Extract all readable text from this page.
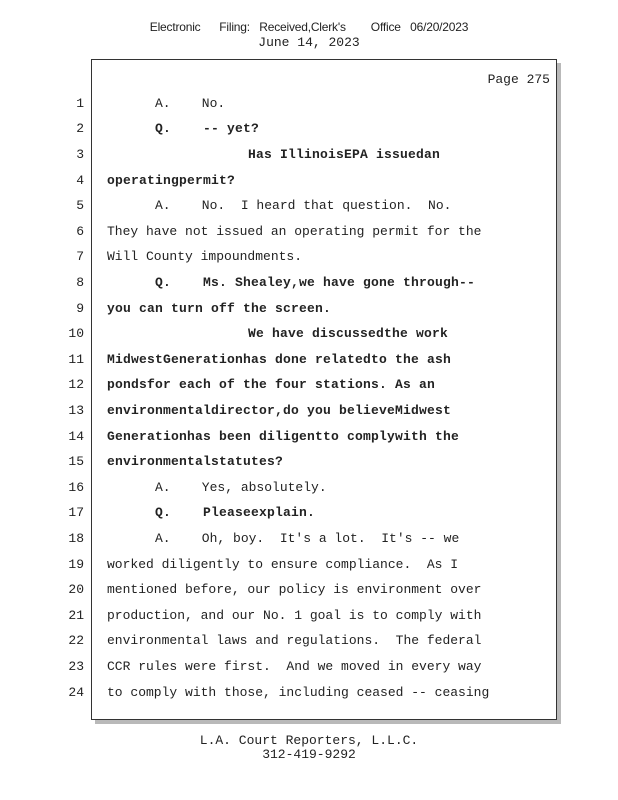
Electronic      Filing:   Received,Clerk's        Office   06/20/2023
June 14, 2023
Page 275
1
2
3
4
5
6
7
8
9
10
11
12
13
14
15
16
17
18
19
20
21
22
23
24
A.    No.
Q.    -- yet?
Has IllinoisEPA issuedan
operatingpermit?
A.    No.  I heard that question.  No.
They have not issued an operating permit for the
Will County impoundments.
Q.    Ms. Shealey,we have gone through--
you can turn off the screen.
We have discussedthe work
MidwestGenerationhas done relatedto the ash
pondsfor each of the four stations. As an
environmentaldirector,do you believeMidwest
Generationhas been diligentto complywith the
environmentalstatutes?
A.    Yes, absolutely.
Q.    Pleaseexplain.
A.    Oh, boy.  It's a lot.  It's -- we
worked diligently to ensure compliance.  As I
mentioned before, our policy is environment over
production, and our No. 1 goal is to comply with
environmental laws and regulations.  The federal
CCR rules were first.  And we moved in every way
to comply with those, including ceased -- ceasing
L.A. Court Reporters, L.L.C.
312-419-9292
